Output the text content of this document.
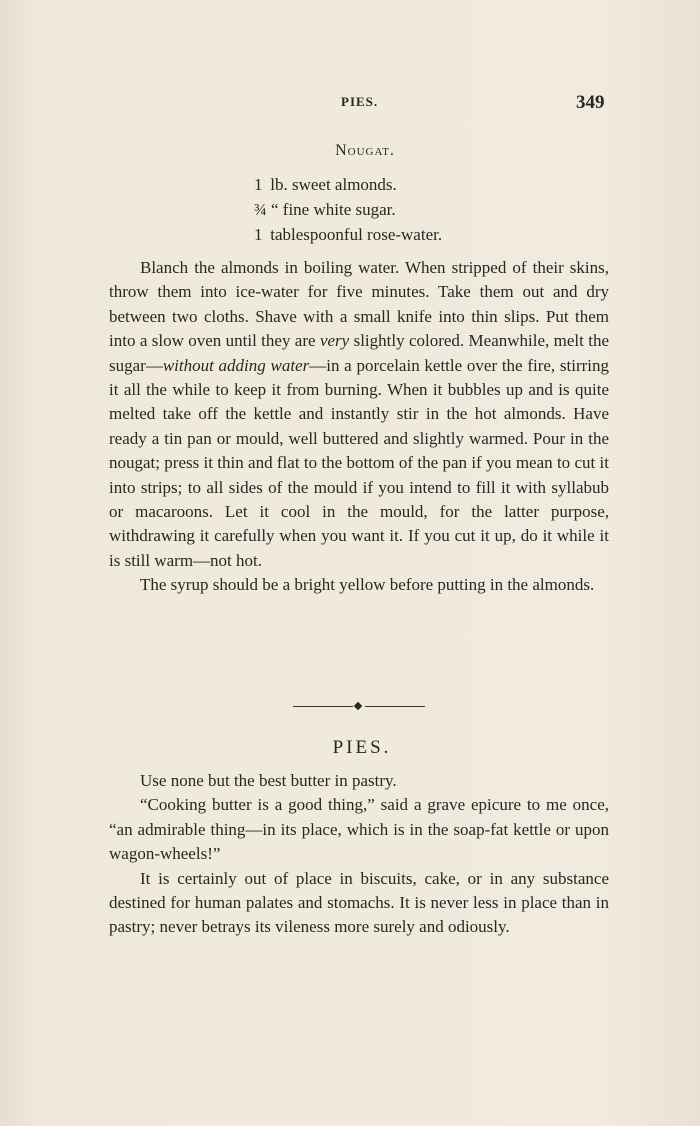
PIES.	349
Nougat.
1 lb. sweet almonds.
¾ “ fine white sugar.
1 tablespoonful rose-water.

Blanch the almonds in boiling water. When stripped of their skins, throw them into ice-water for five minutes. Take them out and dry between two cloths. Shave with a small knife into thin slips. Put them into a slow oven until they are very slightly colored. Meanwhile, melt the sugar—without adding water—in a porcelain kettle over the fire, stirring it all the while to keep it from burning. When it bubbles up and is quite melted take off the kettle and instantly stir in the hot almonds. Have ready a tin pan or mould, well buttered and slightly warmed. Pour in the nougat; press it thin and flat to the bottom of the pan if you mean to cut it into strips; to all sides of the mould if you intend to fill it with syllabub or macaroons. Let it cool in the mould, for the latter purpose, withdrawing it carefully when you want it. If you cut it up, do it while it is still warm—not hot.

The syrup should be a bright yellow before putting in the almonds.

PIES.

Use none but the best butter in pastry.

“Cooking butter is a good thing,” said a grave epicure to me once, “an admirable thing—in its place, which is in the soap-fat kettle or upon wagon-wheels!”

It is certainly out of place in biscuits, cake, or in any substance destined for human palates and stomachs. It is never less in place than in pastry; never betrays its vileness more surely and odiously.
